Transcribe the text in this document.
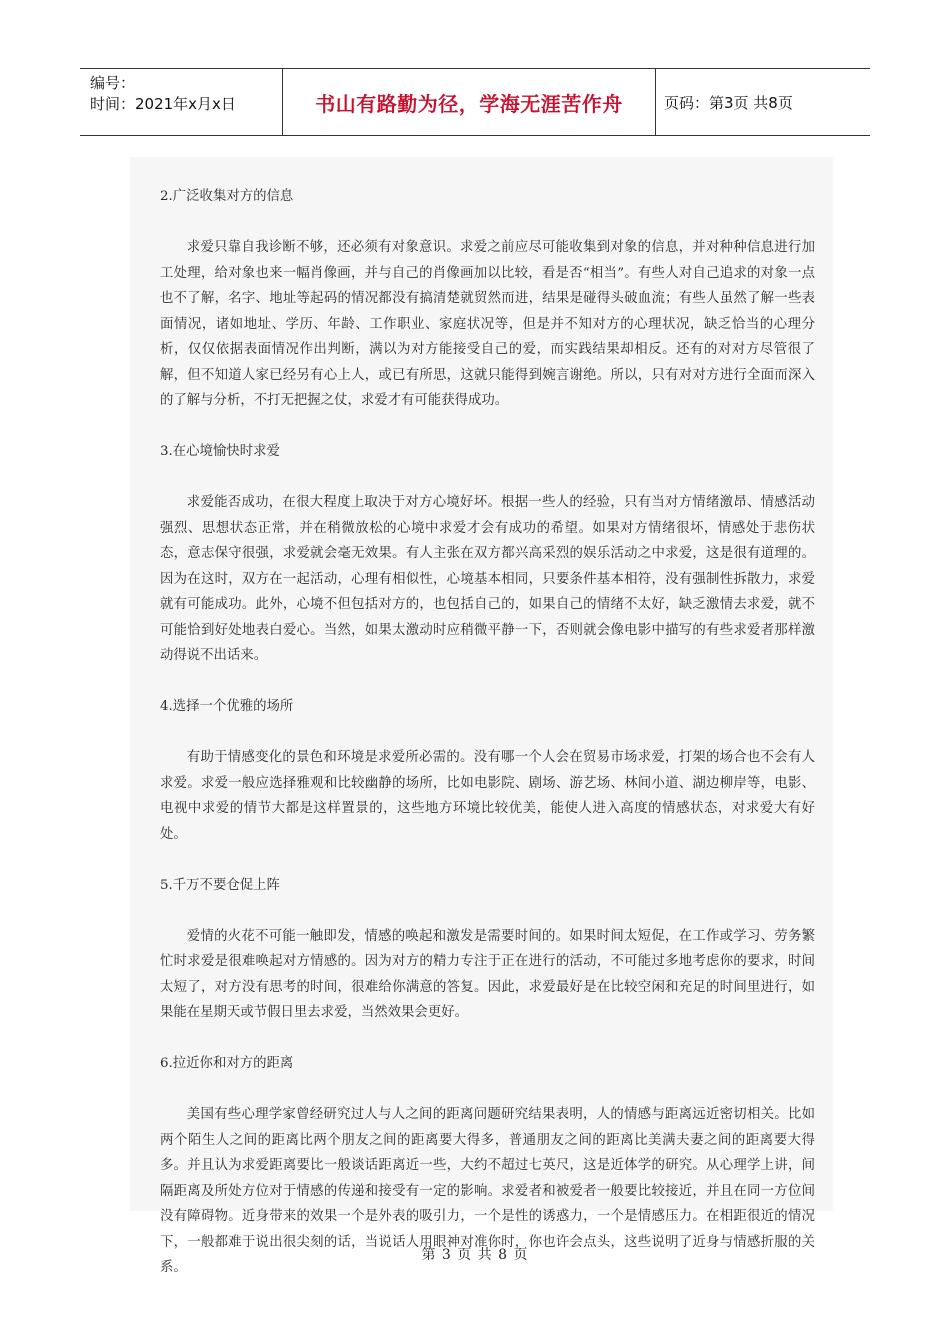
编号：
时间：2021年x月x日	书山有路勤为径，学海无涯苦作舟	页码：第3页 共8页
2.广泛收集对方的信息
求爱只靠自我诊断不够，还必须有对象意识。求爱之前应尽可能收集到对象的信息，并对种种信息进行加工处理，给对象也来一幅肖像画，并与自己的肖像画加以比较，看是否“相当”。有些人对自己追求的对象一点也不了解，名字、地址等起码的情况都没有搞清楚就贸然而进，结果是碰得头破血流；有些人虽然了解一些表面情况，诸如地址、学历、年龄、工作职业、家庭状况等，但是并不知对方的心理状况，缺乏恰当的心理分析，仅仅依据表面情况作出判断，满以为对方能接受自己的爱，而实践结果却相反。还有的对对方尽管很了解，但不知道人家已经另有心上人，或已有所思，这就只能得到婉言谢绝。所以，只有对对方进行全面而深入的了解与分析，不打无把握之仗，求爱才有可能获得成功。
3.在心境愉快时求爱
求爱能否成功，在很大程度上取决于对方心境好坏。根据一些人的经验，只有当对方情绪激昂、情感活动强烈、思想状态正常，并在稍微放松的心境中求爱才会有成功的希望。如果对方情绪很坏，情感处于悲伤状态，意志保守很强，求爱就会毫无效果。有人主张在双方都兴高采烈的娱乐活动之中求爱，这是很有道理的。因为在这时，双方在一起活动，心理有相似性，心境基本相同，只要条件基本相符，没有强制性拆散力，求爱就有可能成功。此外，心境不但包括对方的，也包括自己的，如果自己的情绪不太好，缺乏激情去求爱，就不可能恰到好处地表白爱心。当然，如果太激动时应稍微平静一下，否则就会像电影中描写的有些求爱者那样激动得说不出话来。
4.选择一个优雅的场所
有助于情感变化的景色和环境是求爱所必需的。没有哪一个人会在贸易市场求爱，打架的场合也不会有人求爱。求爱一般应选择雅观和比较幽静的场所，比如电影院、剧场、游艺场、林间小道、湖边柳岸等，电影、电视中求爱的情节大都是这样置景的，这些地方环境比较优美，能使人进入高度的情感状态，对求爱大有好处。
5.千万不要仓促上阵
爱情的火花不可能一触即发，情感的唤起和激发是需要时间的。如果时间太短促，在工作或学习、劳务繁忙时求爱是很难唤起对方情感的。因为对方的精力专注于正在进行的活动，不可能过多地考虑你的要求，时间太短了，对方没有思考的时间，很难给你满意的答复。因此，求爱最好是在比较空闲和充足的时间里进行，如果能在星期天或节假日里去求爱，当然效果会更好。
6.拉近你和对方的距离
美国有些心理学家曾经研究过人与人之间的距离问题研究结果表明，人的情感与距离远近密切相关。比如两个陌生人之间的距离比两个朋友之间的距离要大得多，普通朋友之间的距离比美满夫妻之间的距离要大得多。并且认为求爱距离要比一般谈话距离近一些，大约不超过七英尺，这是近体学的研究。从心理学上讲，间隔距离及所处方位对于情感的传递和接受有一定的影响。求爱者和被爱者一般要比较接近，并且在同一方位间没有障碍物。近身带来的效果一个是外表的吸引力，一个是性的诱惑力，一个是情感压力。在相距很近的情况下，一般都难于说出很尖刻的话，当说话人用眼神对准你时，你也许会点头，这些说明了近身与情感折服的关系。
第 3 页 共 8 页
